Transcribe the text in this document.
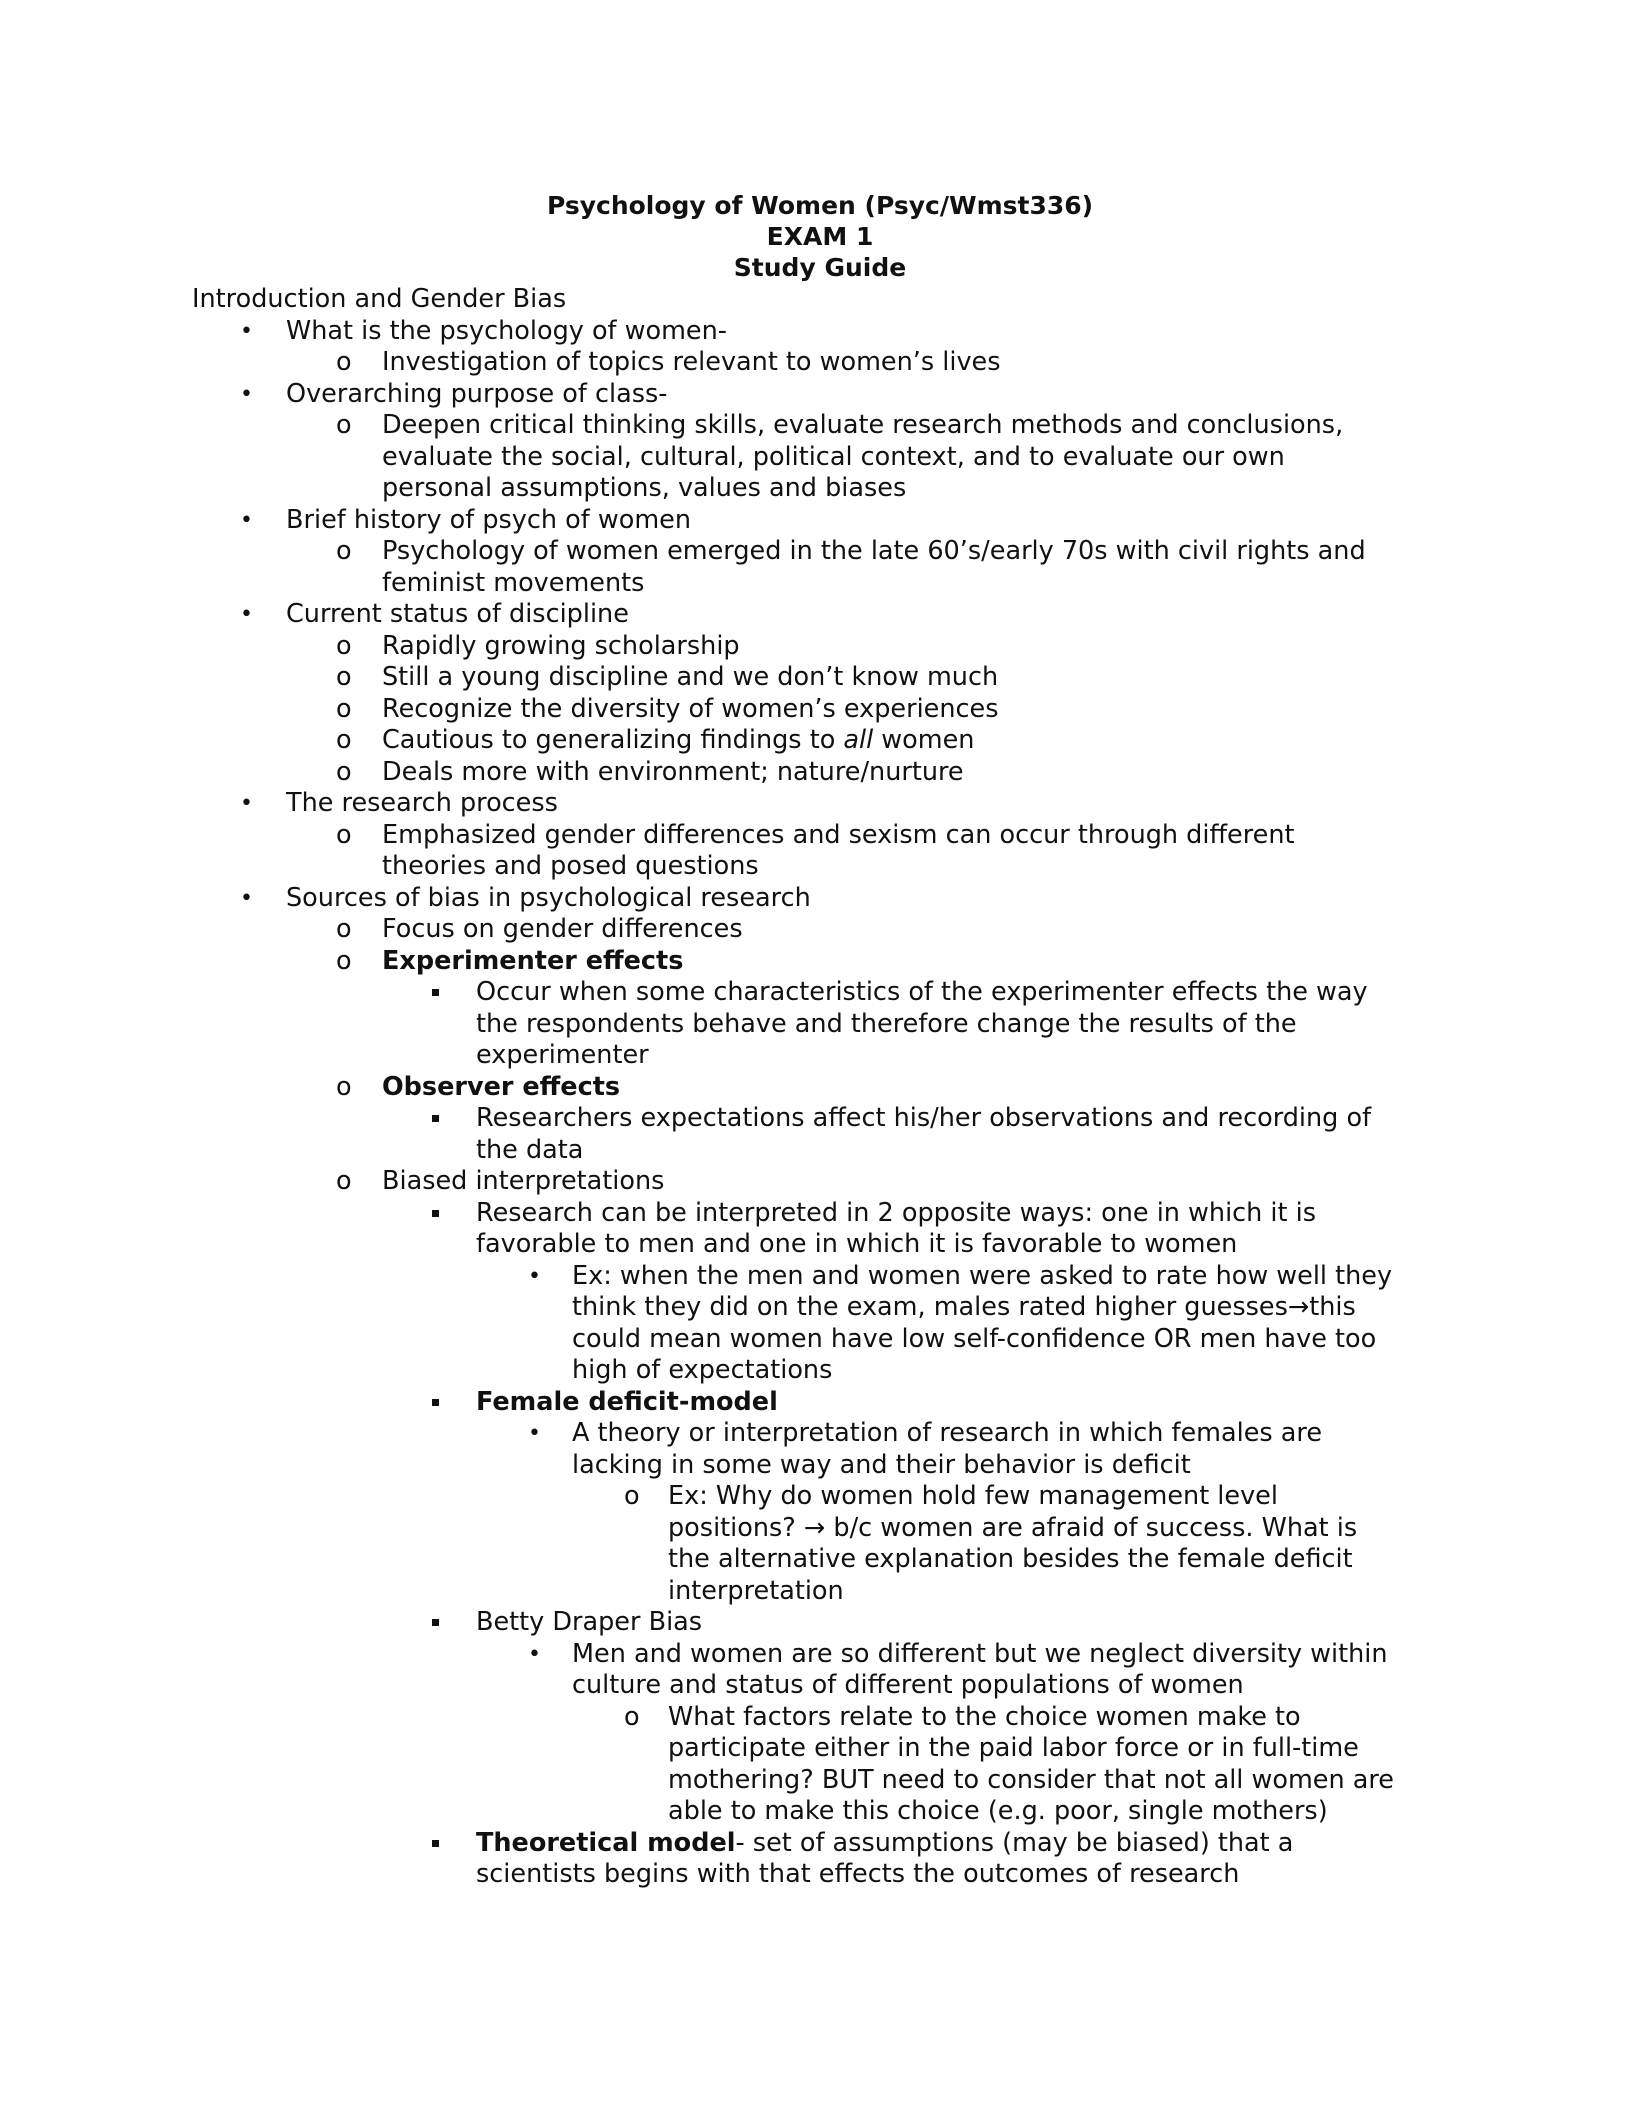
Psychology of Women (Psyc/Wmst336)
EXAM 1
Study Guide
Introduction and Gender Bias
• What is the psychology of women-
o Investigation of topics relevant to women’s lives
• Overarching purpose of class-
o Deepen critical thinking skills, evaluate research methods and conclusions,
evaluate the social, cultural, political context, and to evaluate our own
personal assumptions, values and biases
• Brief history of psych of women
o Psychology of women emerged in the late 60’s/early 70s with civil rights and
feminist movements
• Current status of discipline
o Rapidly growing scholarship
o Still a young discipline and we don’t know much
o Recognize the diversity of women’s experiences
o Cautious to generalizing findings to all women
o Deals more with environment; nature/nurture
• The research process
o Emphasized gender differences and sexism can occur through different
theories and posed questions
• Sources of bias in psychological research
o Focus on gender differences
o Experimenter effects
Occur when some characteristics of the experimenter effects the way
the respondents behave and therefore change the results of the
experimenter
o Observer effects
Researchers expectations affect his/her observations and recording of
the data
o Biased interpretations
Research can be interpreted in 2 opposite ways: one in which it is
favorable to men and one in which it is favorable to women
• Ex: when the men and women were asked to rate how well they
think they did on the exam, males rated higher guesses→this
could mean women have low self-confidence OR men have too
high of expectations
Female deficit-model
• A theory or interpretation of research in which females are
lacking in some way and their behavior is deficit
o Ex: Why do women hold few management level
positions? → b/c women are afraid of success. What is
the alternative explanation besides the female deficit
interpretation
Betty Draper Bias
• Men and women are so different but we neglect diversity within
culture and status of different populations of women
o What factors relate to the choice women make to
participate either in the paid labor force or in full-time
mothering? BUT need to consider that not all women are
able to make this choice (e.g. poor, single mothers)
Theoretical model- set of assumptions (may be biased) that a
scientists begins with that effects the outcomes of research
